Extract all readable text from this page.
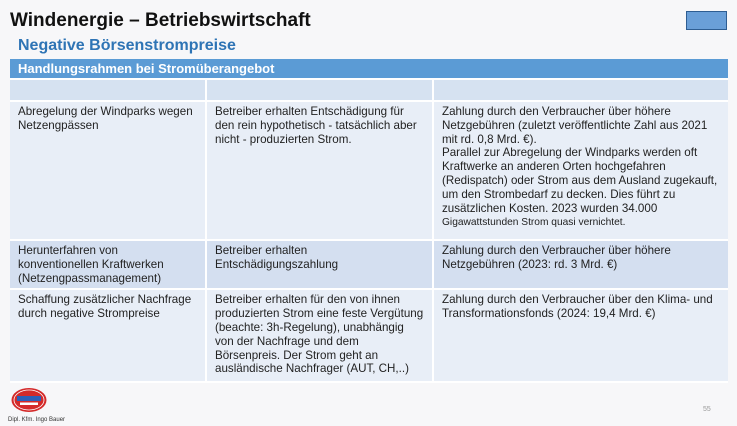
Windenergie – Betriebswirtschaft
Negative Börsenstrompreise
Handlungsrahmen bei Stromüberangebot		

Abregelung der Windparks wegen Netzengpässen	Betreiber erhalten Entschädigung für den rein hypothetisch - tatsächlich aber nicht - produzierten Strom.	Zahlung durch den Verbraucher über höhere Netzgebühren (zuletzt veröffentlichte Zahl aus 2021 mit rd. 0,8 Mrd. €).
Parallel zur Abregelung der Windparks werden oft Kraftwerke an anderen Orten hochgefahren (Redispatch) oder Strom aus dem Ausland zugekauft, um den Strombedarf zu decken. Dies führt zu zusätzlichen Kosten. 2023 wurden 34.000
Gigawattstunden Strom quasi vernichtet.
Herunterfahren von konventionellen Kraftwerken (Netzengpassmanagement)	Betreiber erhalten Entschädigungszahlung	Zahlung durch den Verbraucher über höhere Netzgebühren (2023: rd. 3 Mrd. €)
Schaffung zusätzlicher Nachfrage durch negative Strompreise	Betreiber erhalten für den von ihnen produzierten Strom eine feste Vergütung (beachte: 3h-Regelung), unabhängig von der Nachfrage und dem Börsenpreis. Der Strom geht an ausländische Nachfrager (AUT, CH,..)	Zahlung durch den Verbraucher über den Klima- und Transformationsfonds (2024: 19,4 Mrd. €)
Dipl. Kfm. Ingo Bauer
55
